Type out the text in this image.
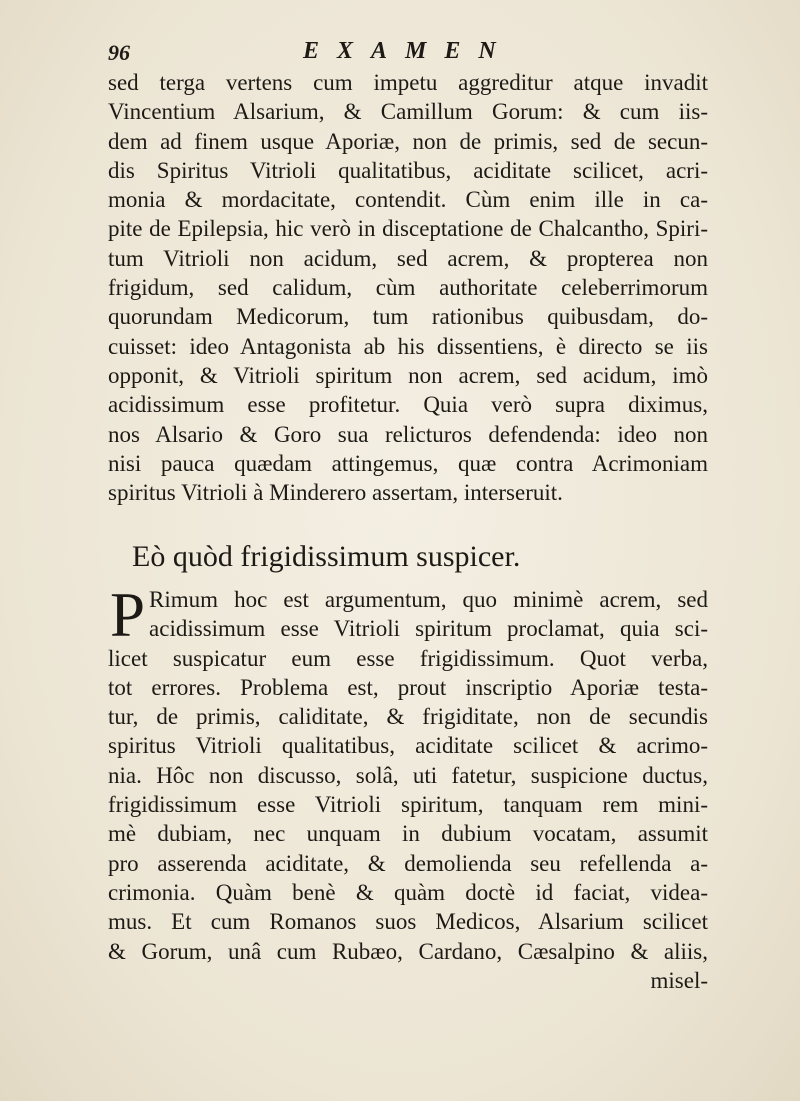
96	EXAMEN
sed terga vertens cum impetu aggreditur atque invadit
Vincentium Alsarium, & Camillum Gorum: & cum iis-
dem ad finem usque Aporiæ, non de primis, sed de secun-
dis Spiritus Vitrioli qualitatibus, aciditate scilicet, acri-
monia & mordacitate, contendit. Cùm enim ille in ca-
pite de Epilepsia, hic verò in disceptatione de Chalcantho, Spiri-
tum Vitrioli non acidum, sed acrem, & propterea non
frigidum, sed calidum, cùm authoritate celeberrimorum
quorundam Medicorum, tum rationibus quibusdam, do-
cuisset: ideo Antagonista ab his dissentiens, è directo se iis
opponit, & Vitrioli spiritum non acrem, sed acidum, imò
acidissimum esse profitetur. Quia verò supra diximus,
nos Alsario & Goro sua relicturos defendenda: ideo non
nisi pauca quædam attingemus, quæ contra Acrimoniam
spiritus Vitrioli à Minderero assertam, interseruit.
Eò quòd frigidissimum suspicer.
P Rimum hoc est argumentum, quo minimè acrem, sed
acidissimum esse Vitrioli spiritum proclamat, quia sci-
licet suspicatur eum esse frigidissimum. Quot verba,
tot errores. Problema est, prout inscriptio Aporiæ testa-
tur, de primis, caliditate, & frigiditate, non de secundis
spiritus Vitrioli qualitatibus, aciditate scilicet & acrimo-
nia. Hôc non discusso, solâ, uti fatetur, suspicione ductus,
frigidissimum esse Vitrioli spiritum, tanquam rem mini-
mè dubiam, nec unquam in dubium vocatam, assumit
pro asserenda aciditate, & demolienda seu refellenda a-
crimonia. Quàm benè & quàm doctè id faciat, videa-
mus. Et cum Romanos suos Medicos, Alsarium scilicet
& Gorum, unâ cum Rubæo, Cardano, Cæsalpino & aliis,
misel-
